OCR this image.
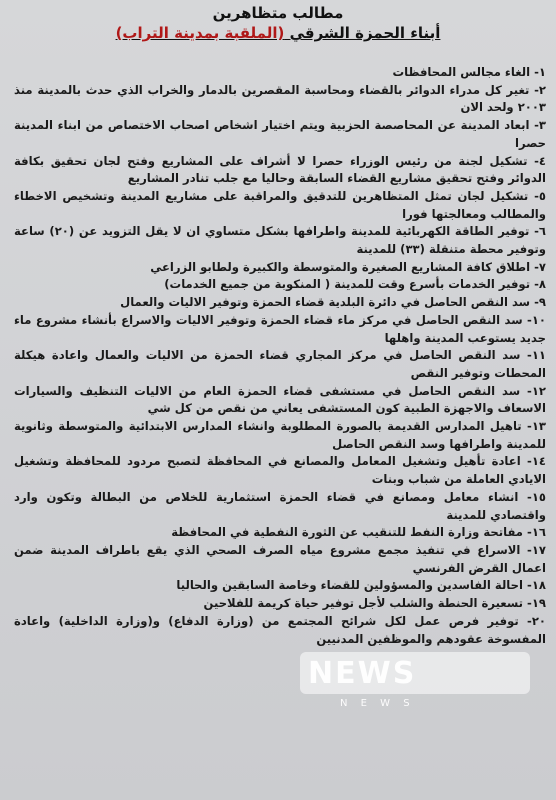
مطالب متظاهرين
أبناء الحمزة الشرقي (الملقبة بمدينة التراب)

١- الغاء مجالس المحافظات

٢- تغير كل مدراء الدوائر بالقضاء ومحاسبة المقصرين بالدمار والخراب الذي حدث بالمدينة منذ ٢٠٠٣ ولحد الان

٣- ابعاد المدينة عن المحاصصة الحزبية ويتم اختيار اشخاص اصحاب الاختصاص من ابناء المدينة حصرا

٤- تشكيل لجنة من رئيس الوزراء حصرا لا أشراف على المشاريع وفتح لجان تحقيق بكافة الدوائر وفتح تحقيق مشاريع القضاء السابقة وحاليا مع جلب تنادر المشاريع

٥- تشكيل لجان تمثل المتظاهرين للتدقيق والمراقبة على مشاريع المدينة وتشخيص الاخطاء والمطالب ومعالجتها فورا

٦- توفير الطاقة الكهربائية للمدينة واطرافها بشكل متساوي ان لا يقل التزويد عن (٢٠) ساعة وتوفير محطة متنقلة (٣٣) للمدينة

٧- اطلاق كافة المشاريع الصغيرة والمتوسطة والكبيرة ولطابو الزراعي

٨- توفير الخدمات بأسرع وقت للمدينة ( المنكوبة من جميع الخدمات)

٩- سد النقص الحاصل في دائرة البلدية قضاء الحمزة وتوفير الاليات والعمال

١٠- سد النقص الحاصل في مركز ماء قضاء الحمزة وتوفير الاليات والاسراع بأنشاء مشروع ماء جديد يستوعب المدينة واهلها

١١- سد النقص الحاصل في مركز المجاري قضاء الحمزة من الاليات والعمال واعادة هيكلة المحطات وتوفير النقص

١٢- سد النقص الحاصل في مستشفى قضاء الحمزة العام من الاليات التنظيف والسيارات الاسعاف والاجهزة الطبية كون المستشفى يعاني من نقص من كل شي

١٣- تاهيل المدارس القديمة بالصورة المطلوبة وانشاء المدارس الابتدائية والمتوسطة وثانوية للمدينة واطرافها وسد النقص الحاصل

١٤- اعادة تأهيل وتشغيل المعامل والمصانع في المحافظة لتصبح مردود للمحافظة وتشغيل الايادي العاملة من شباب وبنات

١٥- انشاء معامل ومصانع في قضاء الحمزة استثمارية للخلاص من البطالة وتكون وارد واقتصادي للمدينة

١٦- مفاتحة وزارة النفط للتنقيب عن الثورة النفطية في المحافظة

١٧- الاسراع في تنفيذ مجمع مشروع مياه الصرف الصحي الذي يقع باطراف المدينة ضمن اعمال القرض الفرنسي

١٨- احالة الفاسدين والمسؤولين للقضاء وخاصة السابقين والحاليا

١٩- تسعيرة الحنطة والشلب لأجل توفير حياة كريمة للفلاحين

٢٠- توفير فرص عمل لكل شرائح المجتمع من (وزارة الدفاع) و(وزارة الداخلية) واعادة المفسوخة عقودهم والموظفين المدنيين

NEWS
N E W S
